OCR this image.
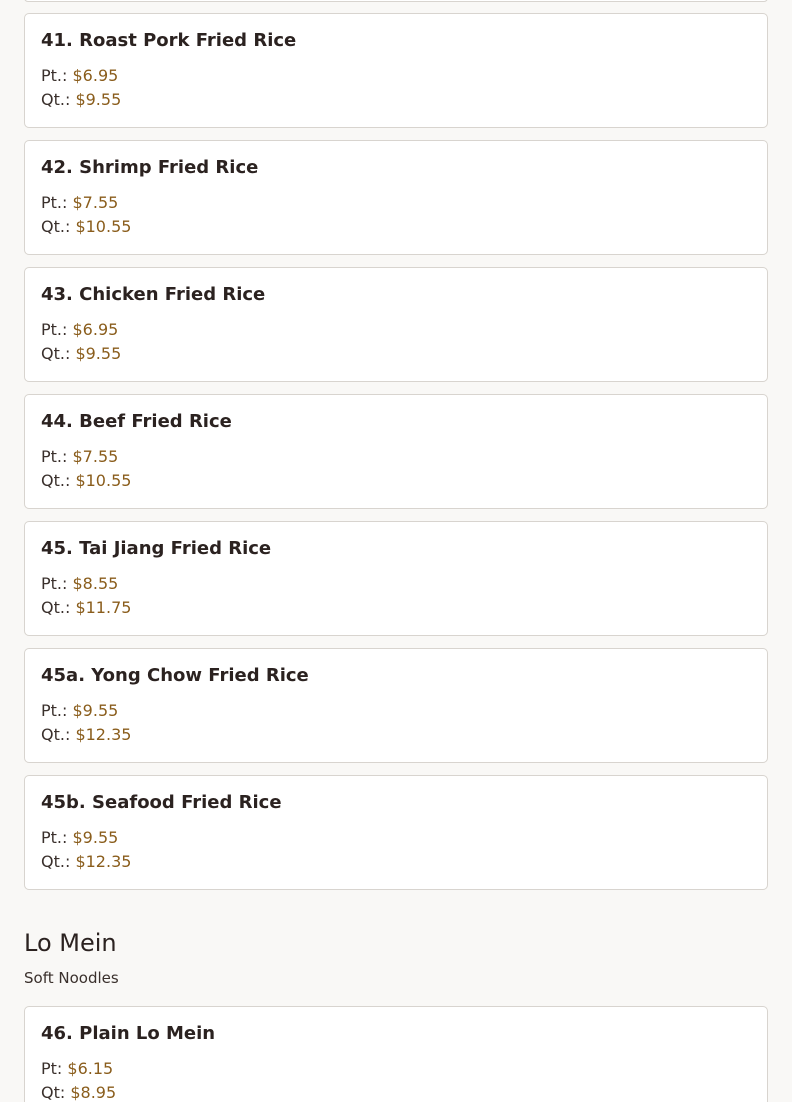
41. Roast Pork Fried Rice
Pt.: $6.95
Qt.: $9.55
42. Shrimp Fried Rice
Pt.: $7.55
Qt.: $10.55
43. Chicken Fried Rice
Pt.: $6.95
Qt.: $9.55
44. Beef Fried Rice
Pt.: $7.55
Qt.: $10.55
45. Tai Jiang Fried Rice
Pt.: $8.55
Qt.: $11.75
45a. Yong Chow Fried Rice
Pt.: $9.55
Qt.: $12.35
45b. Seafood Fried Rice
Pt.: $9.55
Qt.: $12.35
Lo Mein
Soft Noodles
46. Plain Lo Mein
Pt: $6.15
Qt: $8.95
